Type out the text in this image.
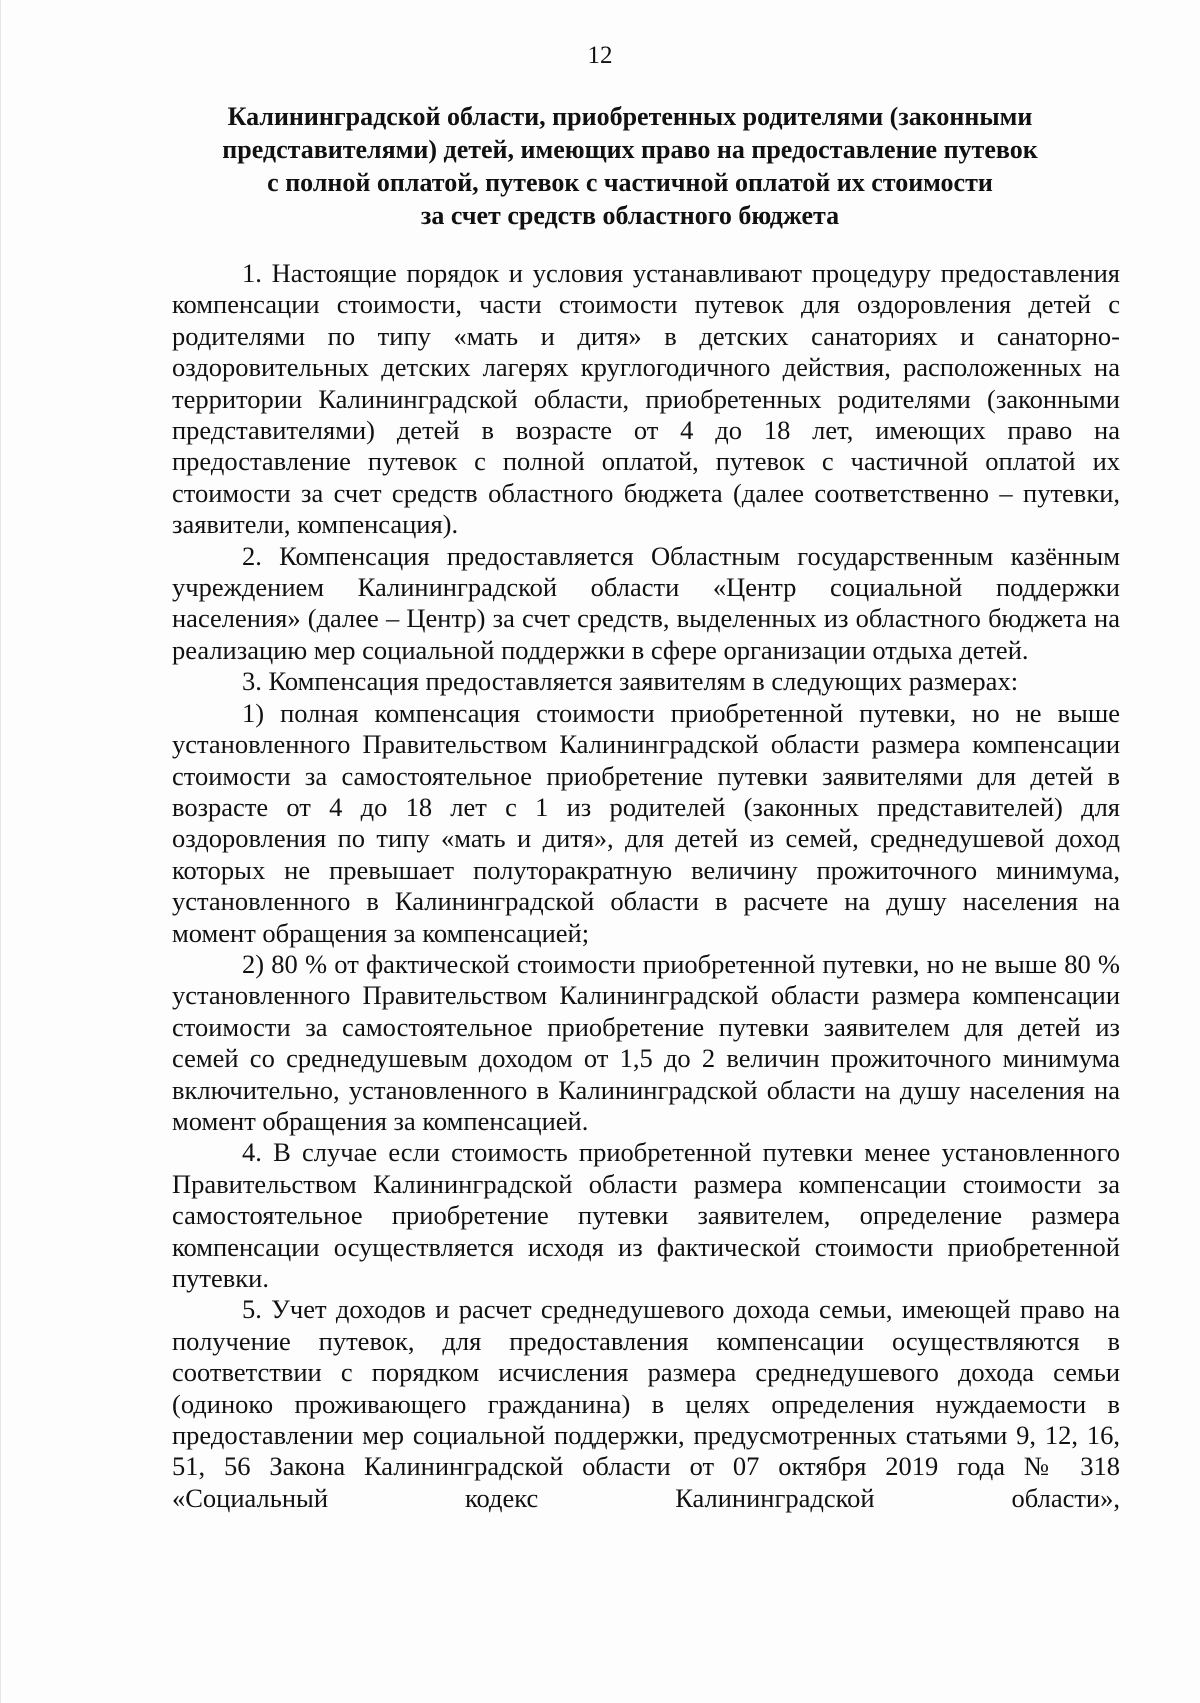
12
Калининградской области, приобретенных родителями (законными
представителями) детей, имеющих право на предоставление путевок
с полной оплатой, путевок с частичной оплатой их стоимости
за счет средств областного бюджета

1. Настоящие порядок и условия устанавливают процедуру предоставления компенсации стоимости, части стоимости путевок для оздоровления детей с родителями по типу «мать и дитя» в детских санаториях и санаторно-оздоровительных детских лагерях круглогодичного действия, расположенных на территории Калининградской области, приобретенных родителями (законными представителями) детей в возрасте от 4 до 18 лет, имеющих право на предоставление путевок с полной оплатой, путевок с частичной оплатой их стоимости за счет средств областного бюджета (далее соответственно – путевки, заявители, компенсация).

2. Компенсация предоставляется Областным государственным казённым учреждением Калининградской области «Центр социальной поддержки населения» (далее – Центр) за счет средств, выделенных из областного бюджета на реализацию мер социальной поддержки в сфере организации отдыха детей.

3. Компенсация предоставляется заявителям в следующих размерах:

1) полная компенсация стоимости приобретенной путевки, но не выше установленного Правительством Калининградской области размера компенсации стоимости за самостоятельное приобретение путевки заявителями для детей в возрасте от 4 до 18 лет с 1 из родителей (законных представителей) для оздоровления по типу «мать и дитя», для детей из семей, среднедушевой доход которых не превышает полуторакратную величину прожиточного минимума, установленного в Калининградской области в расчете на душу населения на момент обращения за компенсацией;

2) 80 % от фактической стоимости приобретенной путевки, но не выше 80 % установленного Правительством Калининградской области размера компенсации стоимости за самостоятельное приобретение путевки заявителем для детей из семей со среднедушевым доходом от 1,5 до 2 величин прожиточного минимума включительно, установленного в Калининградской области на душу населения на момент обращения за компенсацией.

4. В случае если стоимость приобретенной путевки менее установленного Правительством Калининградской области размера компенсации стоимости за самостоятельное приобретение путевки заявителем, определение размера компенсации осуществляется исходя из фактической стоимости приобретенной путевки.

5. Учет доходов и расчет среднедушевого дохода семьи, имеющей право на получение путевок, для предоставления компенсации осуществляются в соответствии с порядком исчисления размера среднедушевого дохода семьи (одиноко проживающего гражданина) в целях определения нуждаемости в предоставлении мер социальной поддержки, предусмотренных статьями 9, 12, 16, 51, 56 Закона Калининградской области от 07 октября 2019 года № 318 «Социальный кодекс Калининградской области»,
